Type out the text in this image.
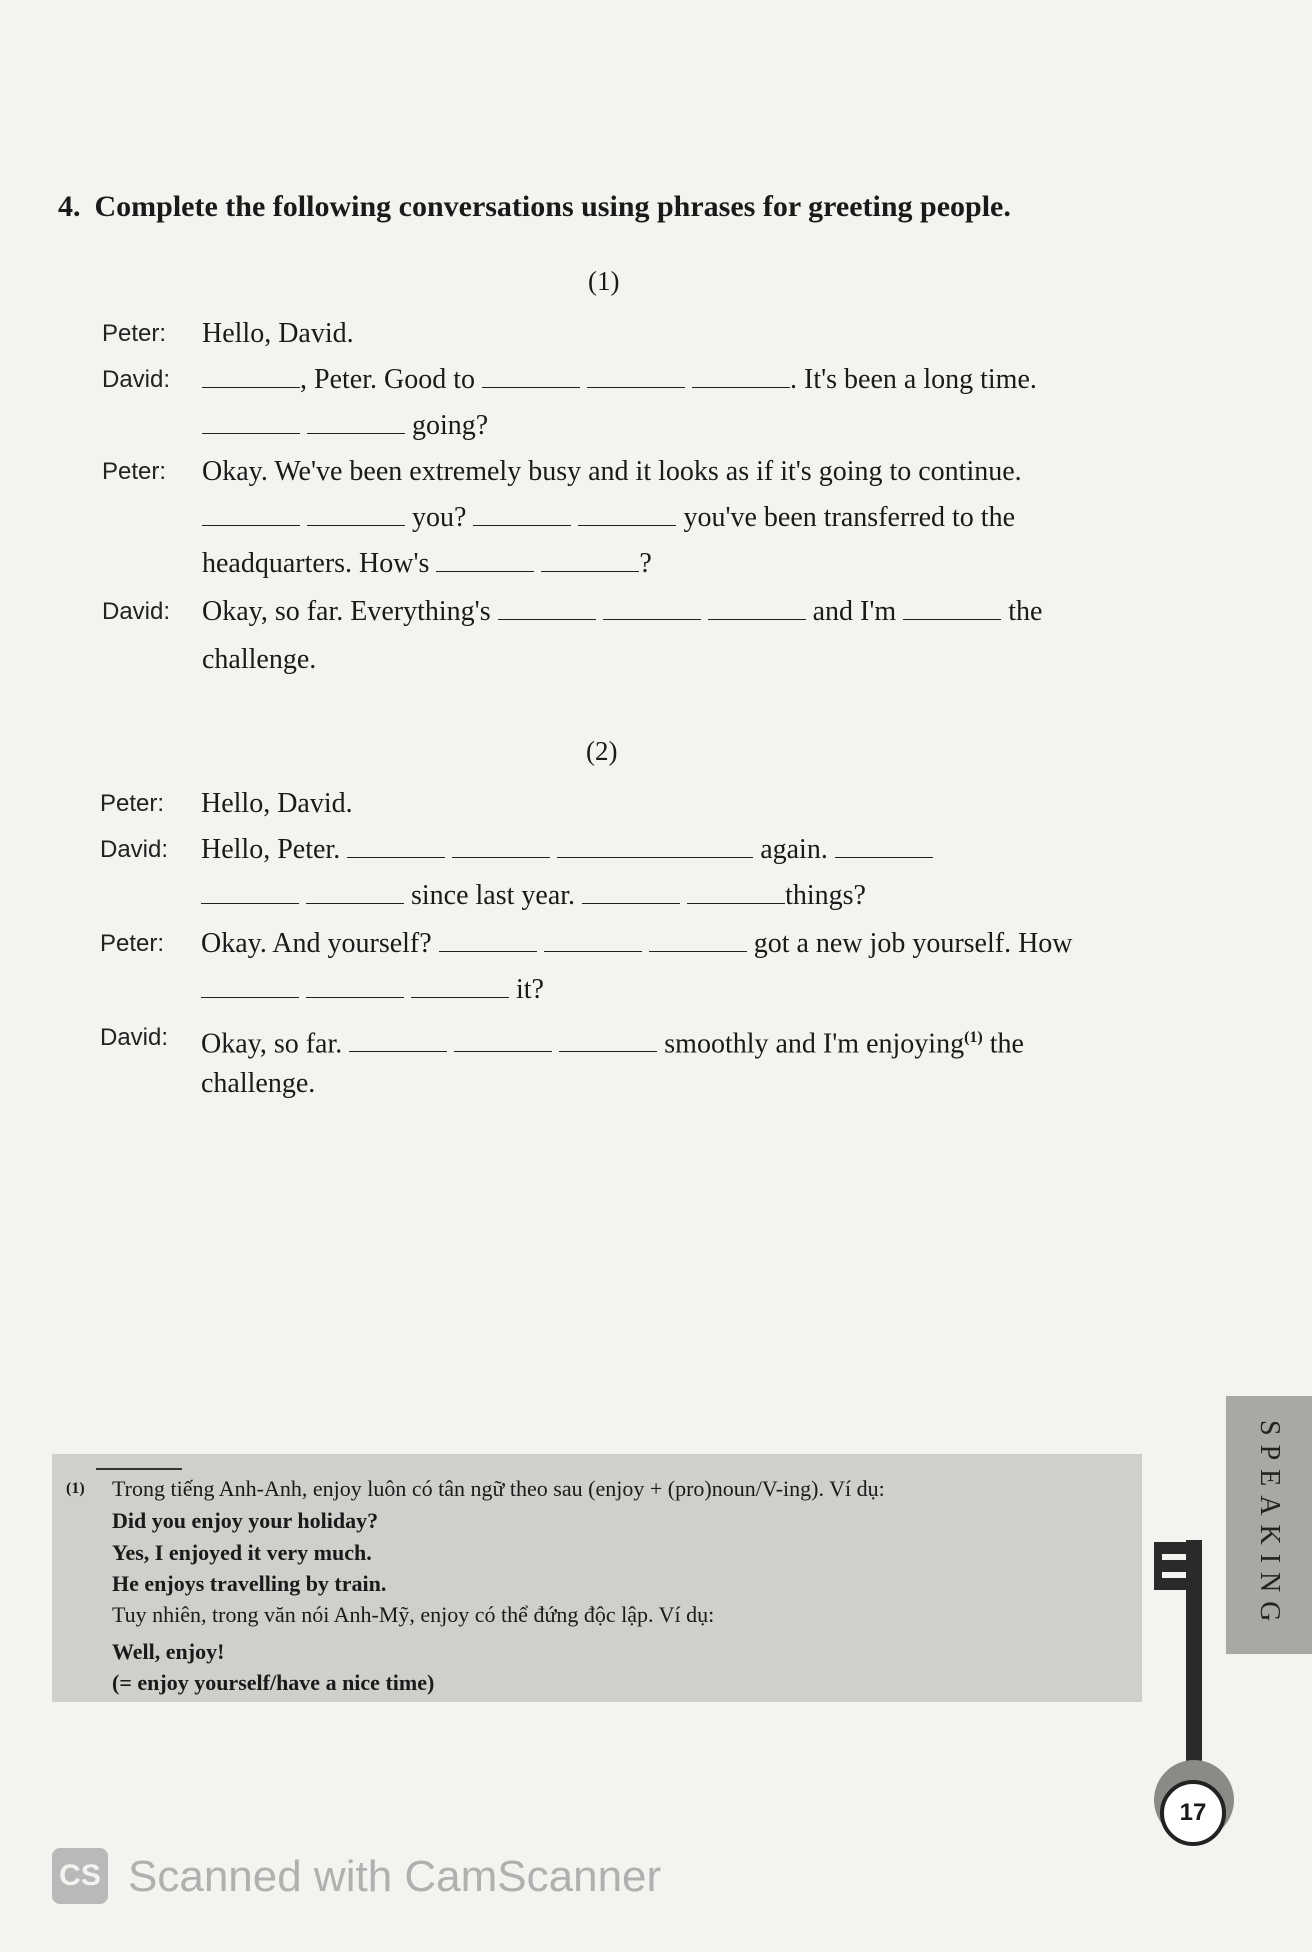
4. Complete the following conversations using phrases for greeting people.
(1)
Peter: Hello, David.
David:	, Peter. Good to	. It's been a long time.
going?
Peter: Okay. We've been extremely busy and it looks as if it's going to continue.
you?	you've been transferred to the
headquarters. How's	?
David: Okay, so far. Everything's	and I'm	the
challenge.
(2)
Peter: Hello, David.
David: Hello, Peter.	again.
since last year.	things?
Peter: Okay. And yourself?	got a new job yourself. How
it?
David: Okay, so far.	smoothly and I'm enjoying$^{(1)}$ the
challenge.
(1) Trong tiếng Anh-Anh, enjoy luôn có tân ngữ theo sau (enjoy + (pro)noun/V-ing). Ví dụ:
Did you enjoy your holiday?
Yes, I enjoyed it very much.
He enjoys travelling by train.
Tuy nhiên, trong văn nói Anh-Mỹ, enjoy có thể đứng độc lập. Ví dụ:
Well, enjoy!
(= enjoy yourself/have a nice time)
SPEAKING
17
CS Scanned with CamScanner
